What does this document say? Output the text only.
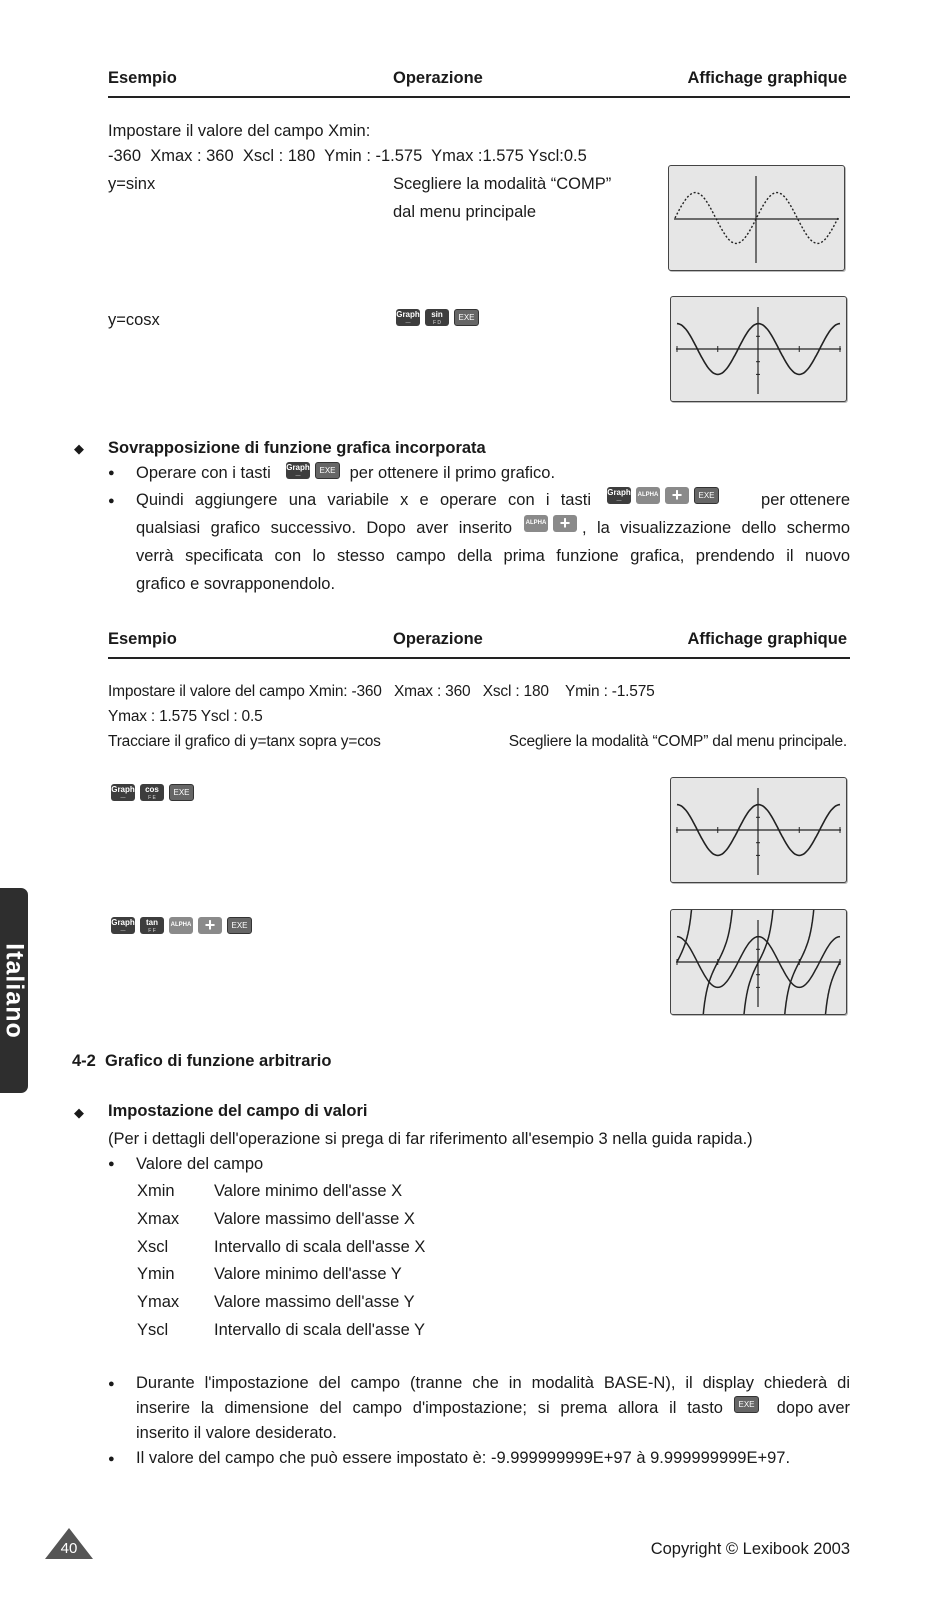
Esempio	Operazione	Affichage graphique
Impostare il valore del campo Xmin:
-360  Xmax : 360  Xscl : 180  Ymin : -1.575  Ymax :1.575 Yscl:0.5
y=sinx	Scegliere la modalità “COMP”
dal menu principale
y=cosx	Graph
—
sin
F D
EXE
◆ Sovrapposizione di funzione grafica incorporata
● Operare con i tasti Graph
—
EXE per ottenere il primo grafico.
● Quindi aggiungere una variabile x e operare con i tasti Graph
—
ALPHA + EXE	per ottenere
qualsiasi grafico successivo. Dopo aver inserito ALPHA + , la visualizzazione dello schermo
verrà specificata con lo stesso campo della prima funzione grafica, prendendo il nuovo
grafico e sovrapponendolo.
Esempio	Operazione	Affichage graphique
Impostare il valore del campo Xmin: -360   Xmax : 360   Xscl : 180    Ymin : -1.575
Ymax : 1.575 Yscl : 0.5
Tracciare il grafico di y=tanx sopra y=cos	Scegliere la modalità “COMP” dal menu principale.
Graph
—
cos
F E
EXE
Graph
—
tan
F F
ALPHA + EXE
Italiano
4-2  Grafico di funzione arbitrario
◆ Impostazione del campo di valori
(Per i dettagli dell'operazione si prega di far riferimento all'esempio 3 nella guida rapida.)
● Valore del campo
Xmin Valore minimo dell'asse X
Xmax Valore massimo dell'asse X
Xscl	Intervallo di scala dell'asse X
Ymin Valore minimo dell'asse Y
Ymax Valore massimo dell'asse Y
Yscl	Intervallo di scala dell'asse Y
● Durante l'impostazione del campo (tranne che in modalità BASE-N), il display chiederà di
inserire la dimensione del campo d'impostazione; si prema allora il tasto	EXE	dopo aver
inserito il valore desiderato.
● Il valore del campo che può essere impostato è: -9.999999999E+97 à 9.999999999E+97.
40	Copyright © Lexibook 2003
